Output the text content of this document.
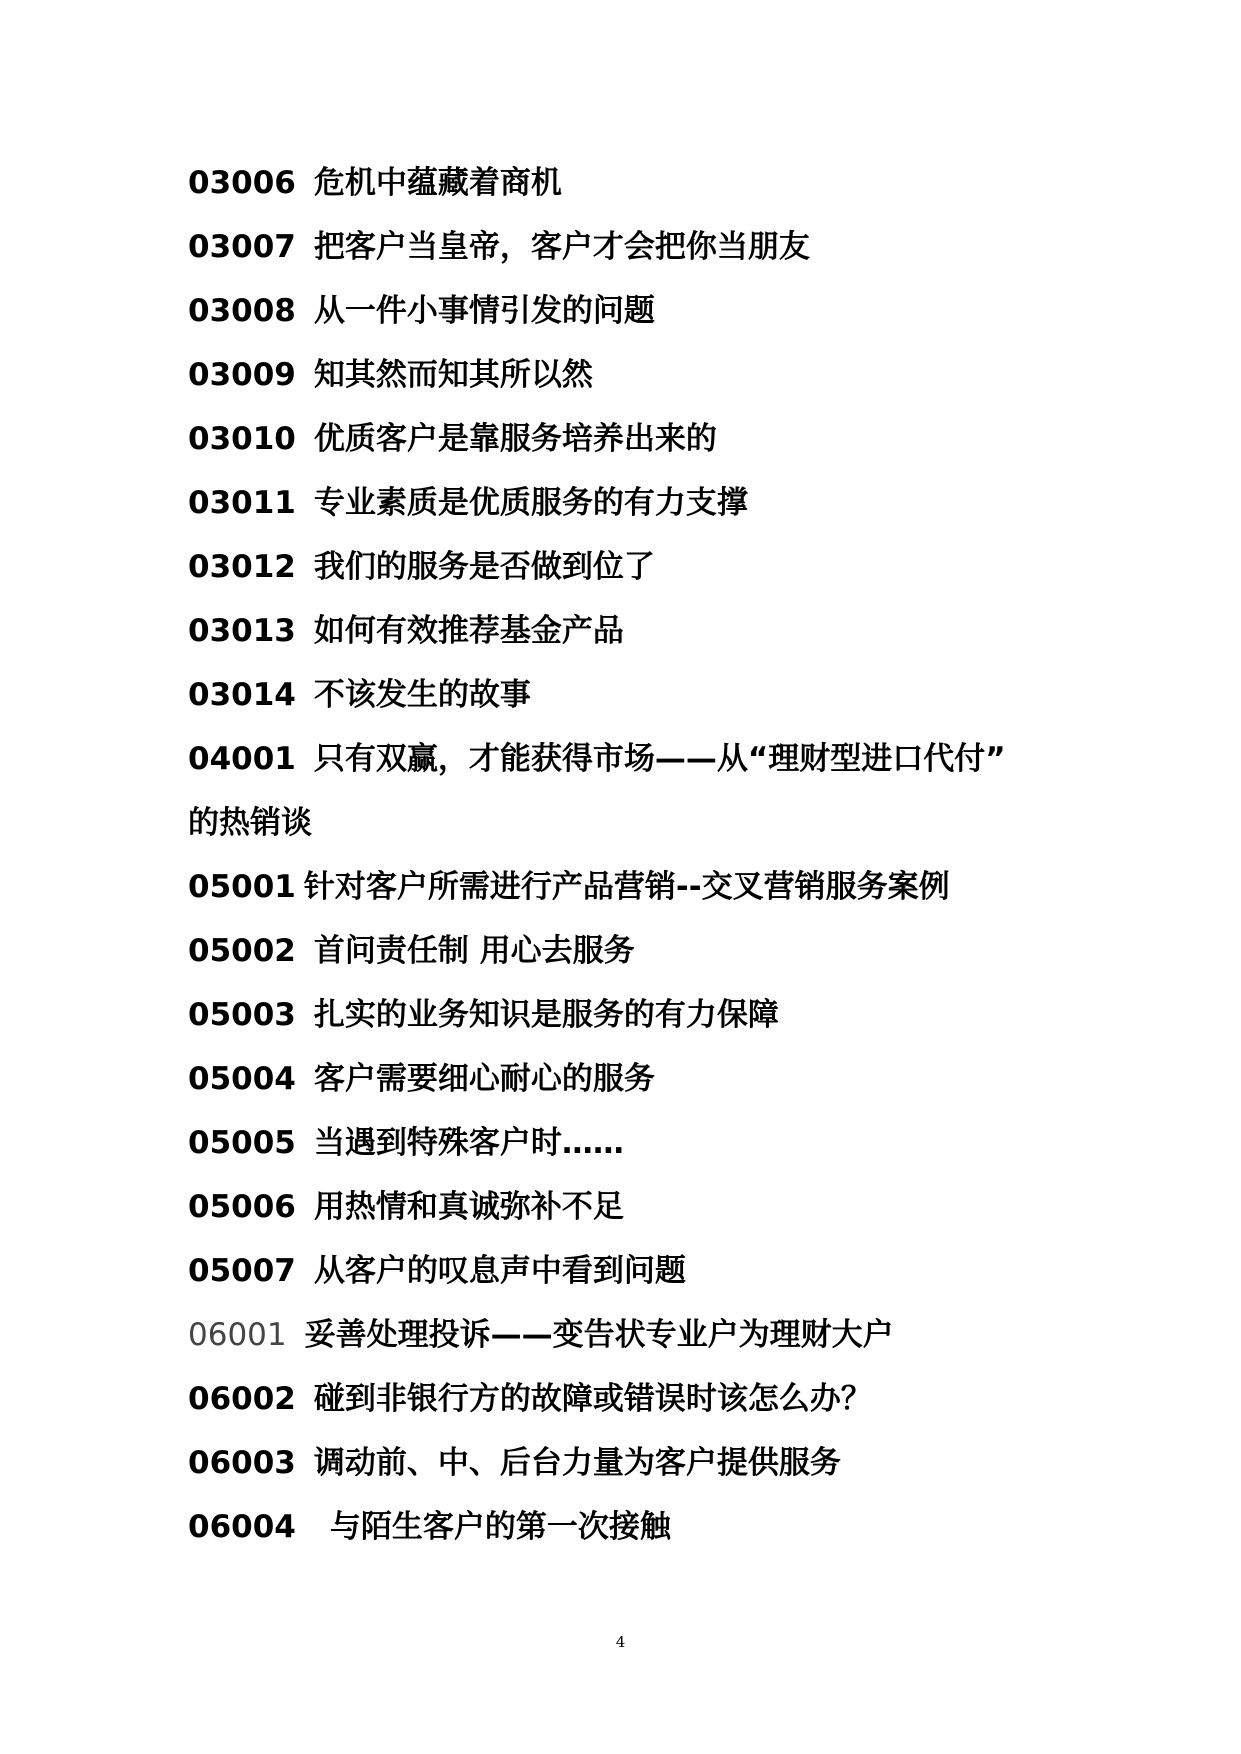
03006 危机中蕴藏着商机
03007 把客户当皇帝，客户才会把你当朋友
03008 从一件小事情引发的问题
03009 知其然而知其所以然
03010 优质客户是靠服务培养出来的
03011 专业素质是优质服务的有力支撑
03012 我们的服务是否做到位了
03013 如何有效推荐基金产品
03014 不该发生的故事
04001 只有双赢，才能获得市场——从“理财型进口代付”
的热销谈
05001 针对客户所需进行产品营销--交叉营销服务案例
05002 首问责任制 用心去服务
05003 扎实的业务知识是服务的有力保障
05004 客户需要细心耐心的服务
05005 当遇到特殊客户时……
05006 用热情和真诚弥补不足
05007 从客户的叹息声中看到问题
06001 妥善处理投诉——变告状专业户为理财大户
06002 碰到非银行方的故障或错误时该怎么办？
06003 调动前、中、后台力量为客户提供服务
06004 与陌生客户的第一次接触
4
